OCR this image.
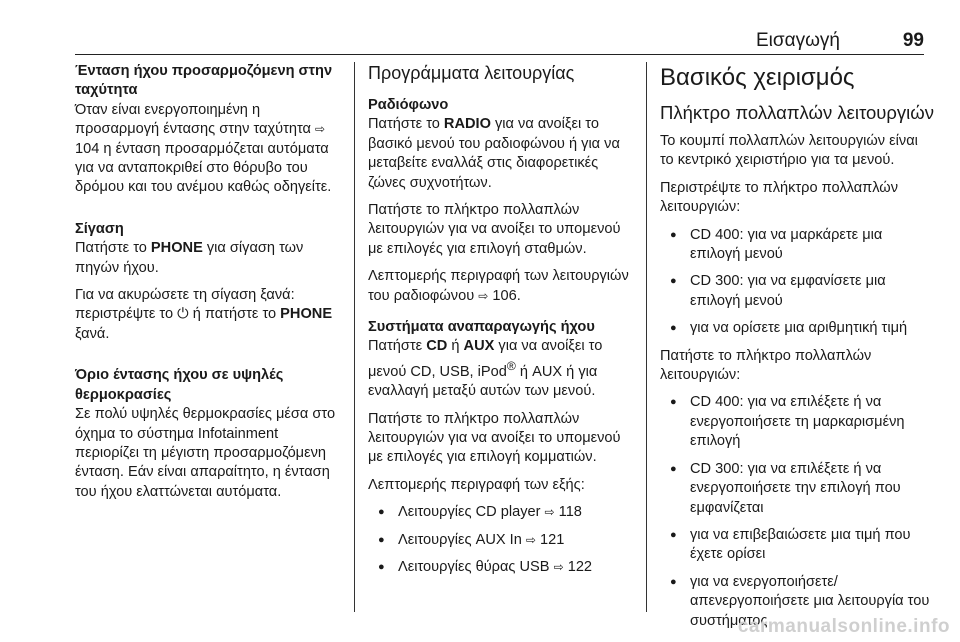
Εισαγωγή	99

Ένταση ήχου προσαρμοζόμενη στην ταχύτητα

Όταν είναι ενεργοποιημένη η προσαρμογή έντασης στην ταχύτητα ⇨ 104 η ένταση προσαρμόζεται αυτόματα για να ανταποκριθεί στο θόρυβο του δρόμου και του ανέμου καθώς οδηγείτε.

Σίγαση

Πατήστε το PHONE για σίγαση των πηγών ήχου.

Για να ακυρώσετε τη σίγαση ξανά: περιστρέψτε το ⏻ ή πατήστε το PHONE ξανά.

Όριο έντασης ήχου σε υψηλές θερμοκρασίες

Σε πολύ υψηλές θερμοκρασίες μέσα στο όχημα το σύστημα Infotainment περιορίζει τη μέγιστη προσαρμοζόμενη ένταση. Εάν είναι απαραίτητο, η ένταση του ήχου ελαττώνεται αυτόματα.

Προγράμματα λειτουργίας

Ραδιόφωνο

Πατήστε το RADIO για να ανοίξει το βασικό μενού του ραδιοφώνου ή για να μεταβείτε εναλλάξ στις διαφορετικές ζώνες συχνοτήτων.

Πατήστε το πλήκτρο πολλαπλών λειτουργιών για να ανοίξει το υπομενού με επιλογές για επιλογή σταθμών.

Λεπτομερής περιγραφή των λειτουργιών του ραδιοφώνου ⇨ 106.

Συστήματα αναπαραγωγής ήχου

Πατήστε CD ή AUX για να ανοίξει το μενού CD, USB, iPod® ή AUX ή για εναλλαγή μεταξύ αυτών των μενού.

Πατήστε το πλήκτρο πολλαπλών λειτουργιών για να ανοίξει το υπομενού με επιλογές για επιλογή κομματιών.

Λεπτομερής περιγραφή των εξής:

● Λειτουργίες CD player ⇨ 118
● Λειτουργίες AUX In ⇨ 121
● Λειτουργίες θύρας USB ⇨ 122
Βασικός χειρισμός
Πλήκτρο πολλαπλών λειτουργιών

Το κουμπί πολλαπλών λειτουργιών είναι το κεντρικό χειριστήριο για τα μενού.

Περιστρέψτε το πλήκτρο πολλαπλών λειτουργιών:

● CD 400: για να μαρκάρετε μια επιλογή μενού
● CD 300: για να εμφανίσετε μια επιλογή μενού
● για να ορίσετε μια αριθμητική τιμή

Πατήστε το πλήκτρο πολλαπλών λειτουργιών:

● CD 400: για να επιλέξετε ή να ενεργοποιήσετε τη μαρκαρισμένη επιλογή
● CD 300: για να επιλέξετε ή να ενεργοποιήσετε την επιλογή που εμφανίζεται
● για να επιβεβαιώσετε μια τιμή που έχετε ορίσει
● για να ενεργοποιήσετε/απενεργοποιήσετε μια λειτουργία του συστήματος
carmanualsonline.info
